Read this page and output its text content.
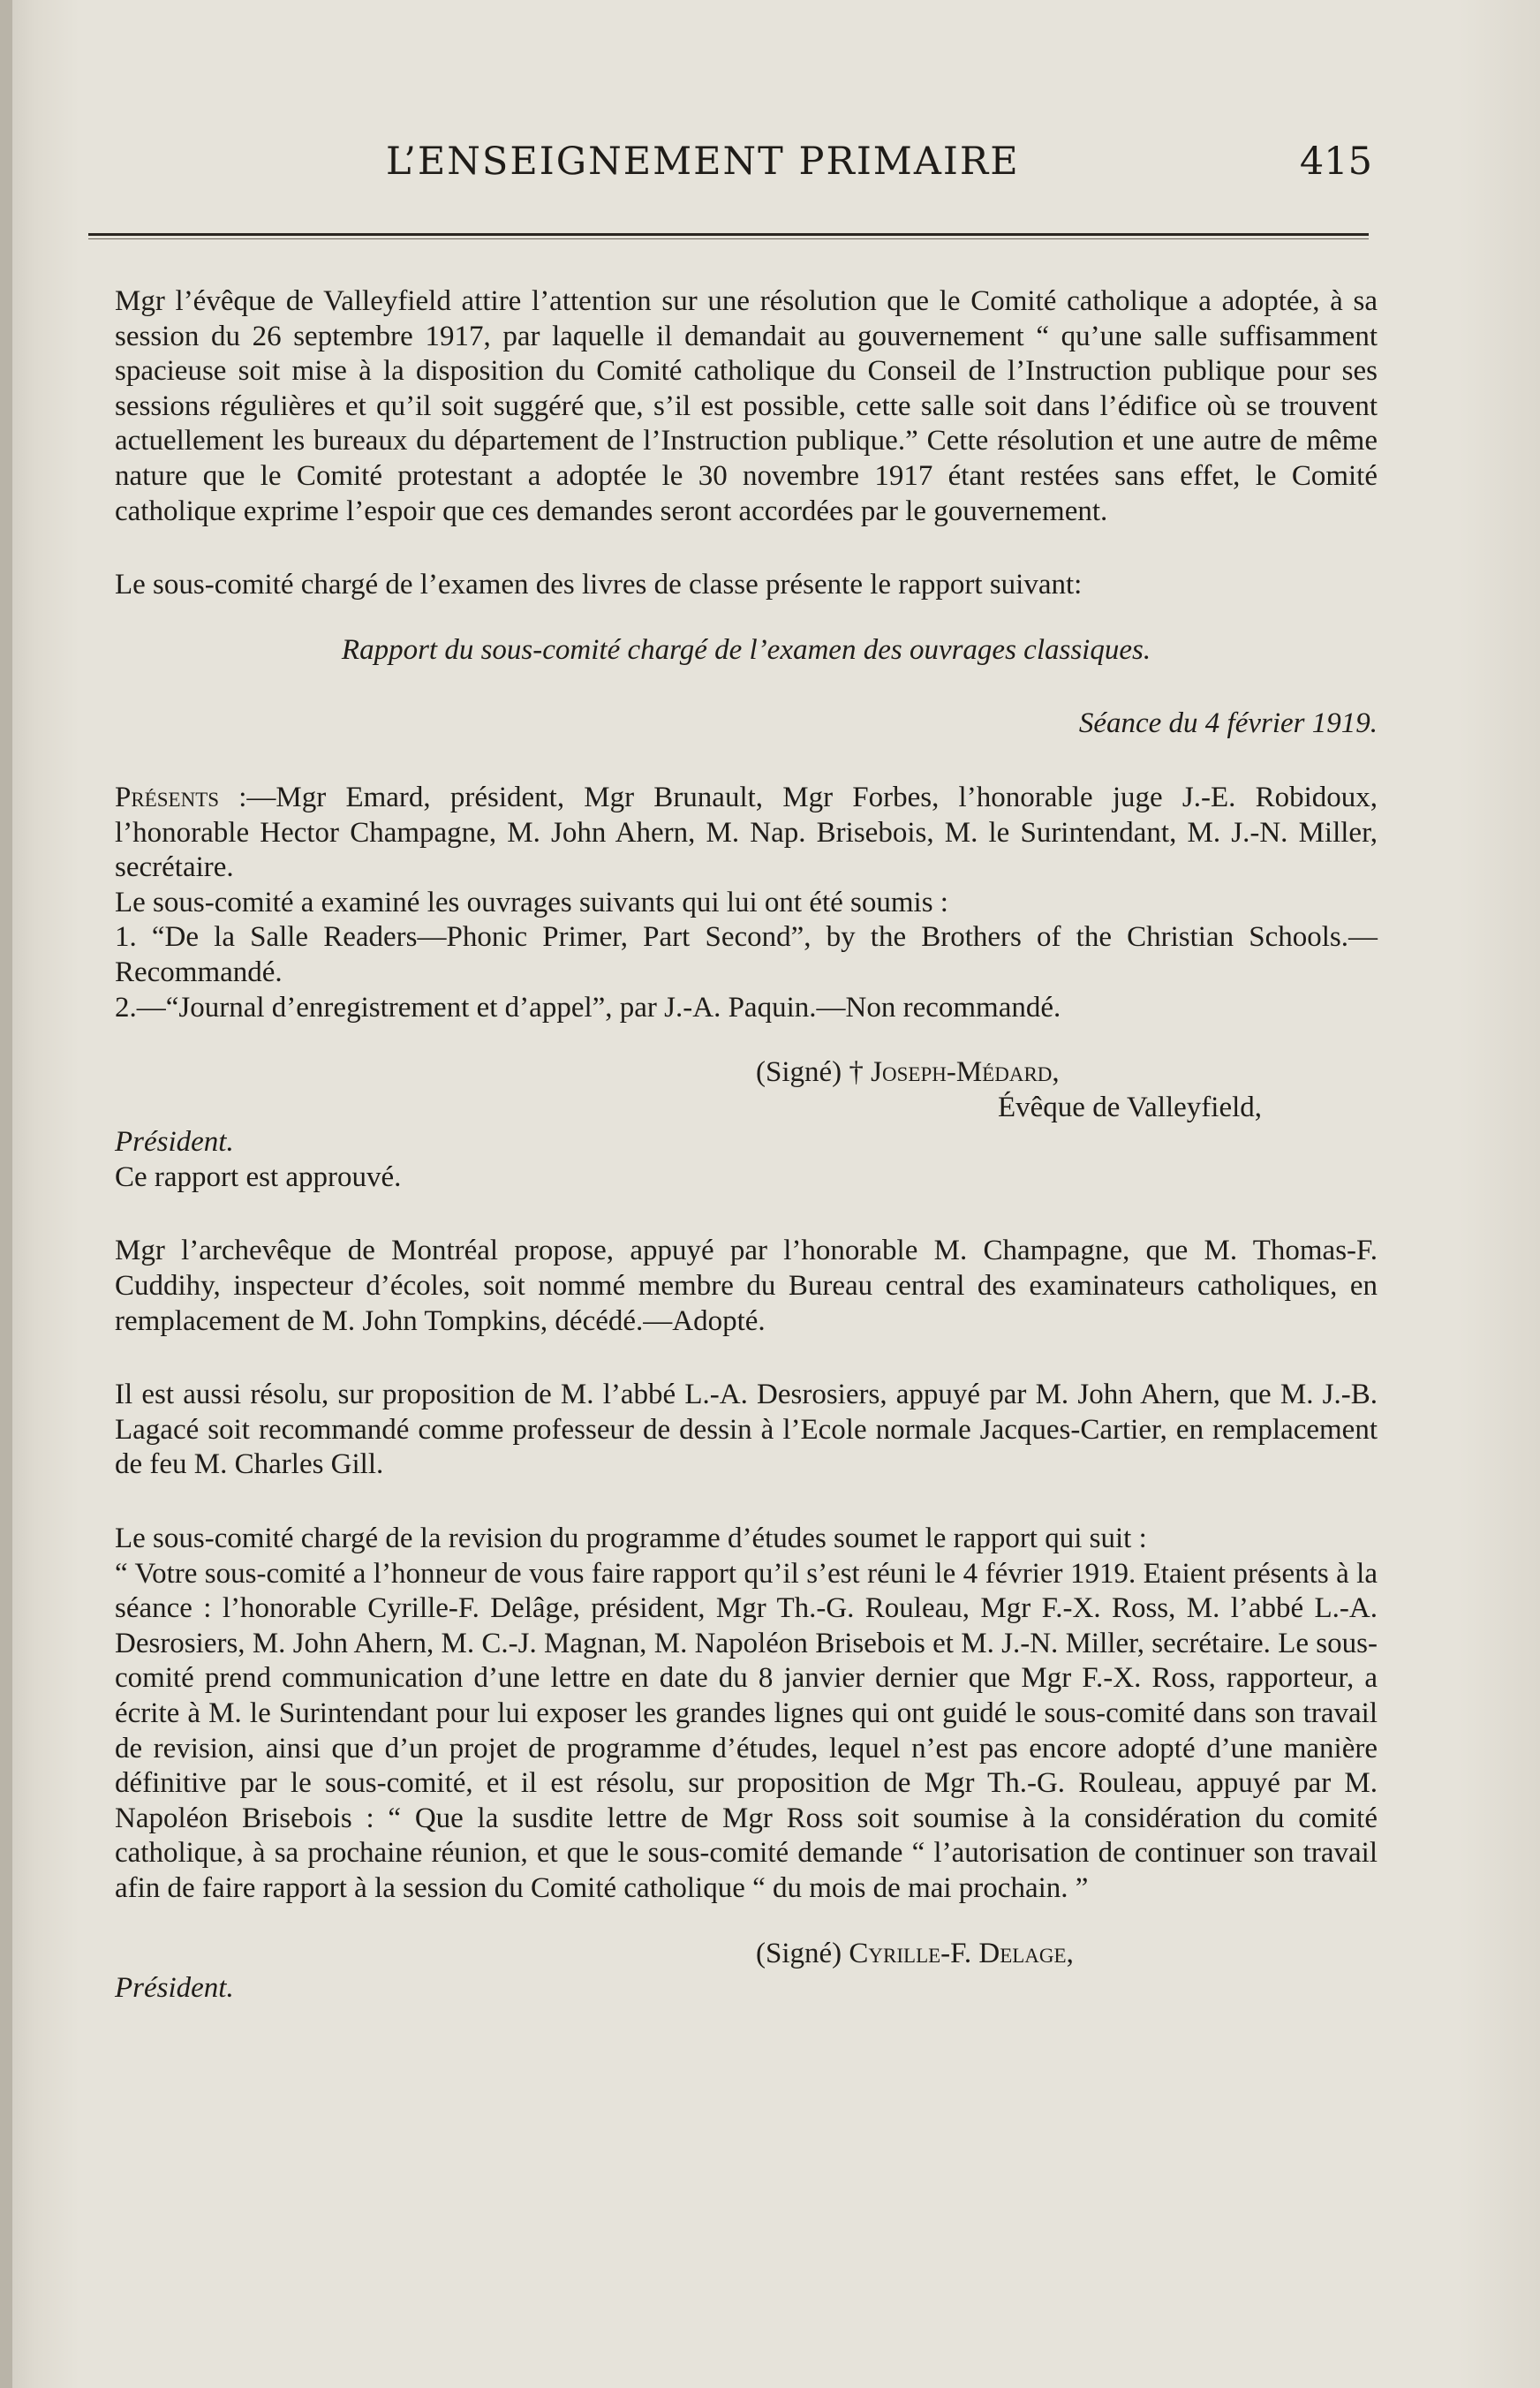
L’ENSEIGNEMENT PRIMAIRE	415

Mgr l’évêque de Valleyfield attire l’attention sur une résolution que le Comité catholique a adoptée, à sa session du 26 septembre 1917, par laquelle il demandait au gouvernement “ qu’une salle suffisamment spacieuse soit mise à la disposition du Comité catholique du Conseil de l’Instruction publique pour ses sessions régulières et qu’il soit suggéré que, s’il est possible, cette salle soit dans l’édifice où se trouvent actuellement les bureaux du département de l’Instruction publique.” Cette résolution et une autre de même nature que le Comité protestant a adoptée le 30 novembre 1917 étant restées sans effet, le Comité catholique exprime l’espoir que ces demandes seront accordées par le gouvernement.

Le sous-comité chargé de l’examen des livres de classe présente le rapport suivant:

Rapport du sous-comité chargé de l’examen des ouvrages classiques.

Séance du 4 février 1919.

Présents :—Mgr Emard, président, Mgr Brunault, Mgr Forbes, l’honorable juge J.-E. Robidoux, l’honorable Hector Champagne, M. John Ahern, M. Nap. Brisebois, M. le Surintendant, M. J.-N. Miller, secrétaire.

Le sous-comité a examiné les ouvrages suivants qui lui ont été soumis :

1. “De la Salle Readers—Phonic Primer, Part Second”, by the Brothers of the Christian Schools.—Recommandé.

2.—“Journal d’enregistrement et d’appel”, par J.-A. Paquin.—Non recommandé.

(Signé) † Joseph-Médard,

Évêque de Valleyfield,

Président.

Ce rapport est approuvé.

Mgr l’archevêque de Montréal propose, appuyé par l’honorable M. Champagne, que M. Thomas-F. Cuddihy, inspecteur d’écoles, soit nommé membre du Bureau central des examinateurs catholiques, en remplacement de M. John Tompkins, décédé.—Adopté.

Il est aussi résolu, sur proposition de M. l’abbé L.-A. Desrosiers, appuyé par M. John Ahern, que M. J.-B. Lagacé soit recommandé comme professeur de dessin à l’Ecole normale Jacques-Cartier, en remplacement de feu M. Charles Gill.

Le sous-comité chargé de la revision du programme d’études soumet le rapport qui suit :

“ Votre sous-comité a l’honneur de vous faire rapport qu’il s’est réuni le 4 février 1919. Etaient présents à la séance : l’honorable Cyrille-F. Delâge, président, Mgr Th.-G. Rouleau, Mgr F.-X. Ross, M. l’abbé L.-A. Desrosiers, M. John Ahern, M. C.-J. Magnan, M. Napoléon Brisebois et M. J.-N. Miller, secrétaire. Le sous-comité prend communication d’une lettre en date du 8 janvier dernier que Mgr F.-X. Ross, rapporteur, a écrite à M. le Surintendant pour lui exposer les grandes lignes qui ont guidé le sous-comité dans son travail de revision, ainsi que d’un projet de programme d’études, lequel n’est pas encore adopté d’une manière définitive par le sous-comité, et il est résolu, sur proposition de Mgr Th.-G. Rouleau, appuyé par M. Napoléon Brisebois : “ Que la susdite lettre de Mgr Ross soit soumise à la considération du comité catholique, à sa prochaine réunion, et que le sous-comité demande “ l’autorisation de continuer son travail afin de faire rapport à la session du Comité catholique “ du mois de mai prochain. ”

(Signé) Cyrille-F. Delage,

Président.
